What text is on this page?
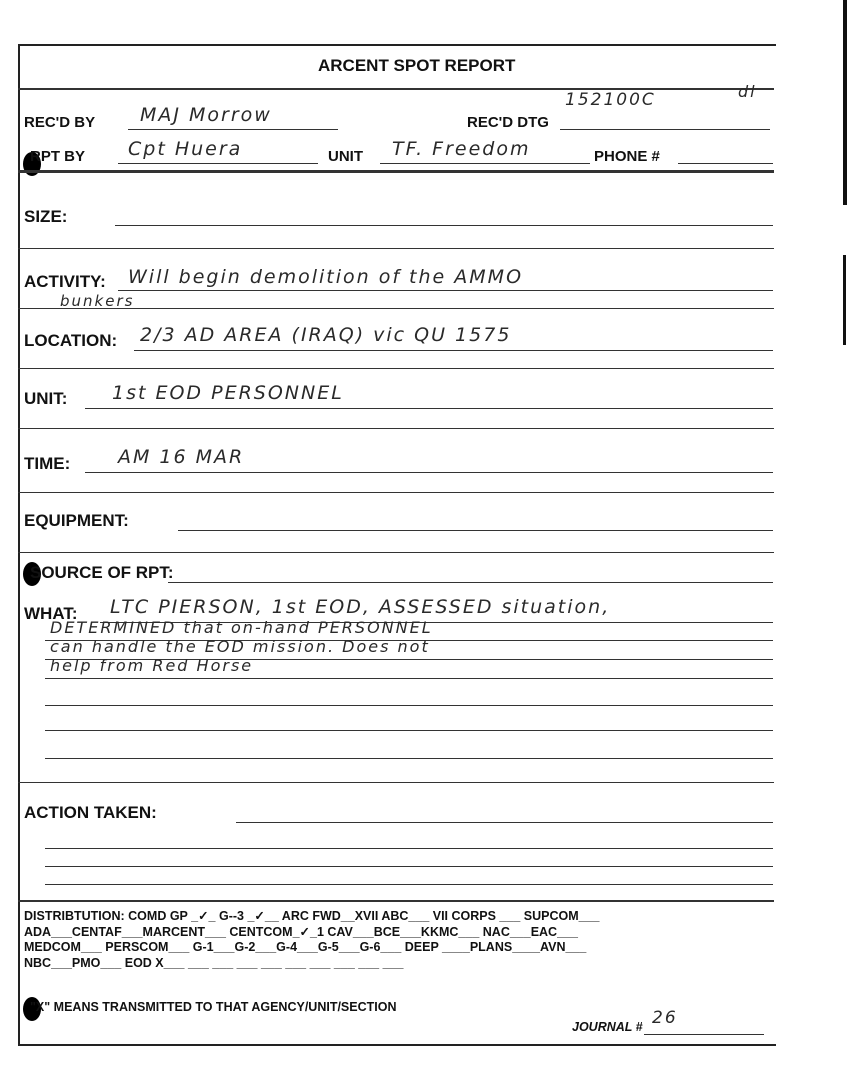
ARCENT SPOT REPORT
REC'D BY MAJ Morrow	REC'D DTG
152100C	dl
RPT BY Cpt Huera	UNIT TF. Freedom	PHONE #
SIZE:
ACTIVITY: Will begin demolition of the AMMO
bunkers
LOCATION: 2/3 AD AREA (IRAQ) vic QU 1575
UNIT: 1st EOD PERSONNEL
TIME:	AM 16 MAR
EQUIPMENT:
SOURCE OF RPT:
WHAT: LTC PIERSON, 1st EOD, ASSESSED situation,
DETERMINED that on-hand PERSONNEL
can handle the EOD mission. Does not
help from Red Horse
ACTION TAKEN:
DISTRIBTUTION: COMD GP _✓_ G--3 _✓__ ARC FWD__XVII ABC___ VII CORPS ___ SUPCOM___
ADA___CENTAF___MARCENT___ CENTCOM_✓_1 CAV___BCE___KKMC___ NAC___EAC___
MEDCOM___ PERSCOM___ G-1___G-2___G-4___G-5___G-6___ DEEP ____PLANS____AVN___
NBC___PMO___ EOD X___ ___ ___ ___ ___ ___ ___ ___ ___ ___
"X" MEANS TRANSMITTED TO THAT AGENCY/UNIT/SECTION
JOURNAL # 26
